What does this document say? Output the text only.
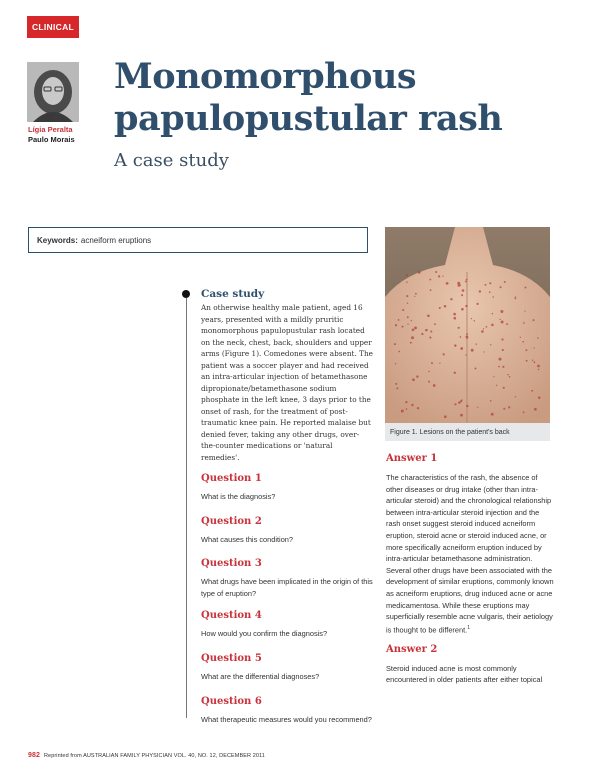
CLINICAL
Lígia Peralta
Paulo Morais
Monomorphous
papulopustular rash
A case study
Keywords: acneiform eruptions
Figure 1. Lesions on the patient's back
Case study

An otherwise healthy male patient, aged 16 years, presented with a mildly pruritic monomorphous papulopustular rash located on the neck, chest, back, shoulders and upper arms (Figure 1). Comedones were absent. The patient was a soccer player and had received an intra-articular injection of betamethasone dipropionate/betamethasone sodium phosphate in the left knee, 3 days prior to the onset of rash, for the treatment of post-traumatic knee pain. He reported malaise but denied fever, taking any other drugs, over-the-counter medications or 'natural remedies'.

Question 1

What is the diagnosis?

Question 2

What causes this condition?

Question 3

What drugs have been implicated in the origin of this type of eruption?

Question 4

How would you confirm the diagnosis?

Question 5

What are the differential diagnoses?

Question 6

What therapeutic measures would you recommend?

Answer 1

The characteristics of the rash, the absence of other diseases or drug intake (other than intra-articular steroid) and the chronological relationship between intra-articular steroid injection and the rash onset suggest steroid induced acneiform eruption, steroid acne or steroid induced acne, or more specifically acneiform eruption induced by intra-articular betamethasone administration. Several other drugs have been associated with the development of similar eruptions, commonly known as acneiform eruptions, drug induced acne or acne medicamentosa. While these eruptions may superficially resemble acne vulgaris, their aetiology is thought to be different.$^1$

Answer 2

Steroid induced acne is most commonly encountered in older patients after either topical

982 Reprinted from AUSTRALIAN FAMILY PHYSICIAN VOL. 40, NO. 12, DECEMBER 2011
